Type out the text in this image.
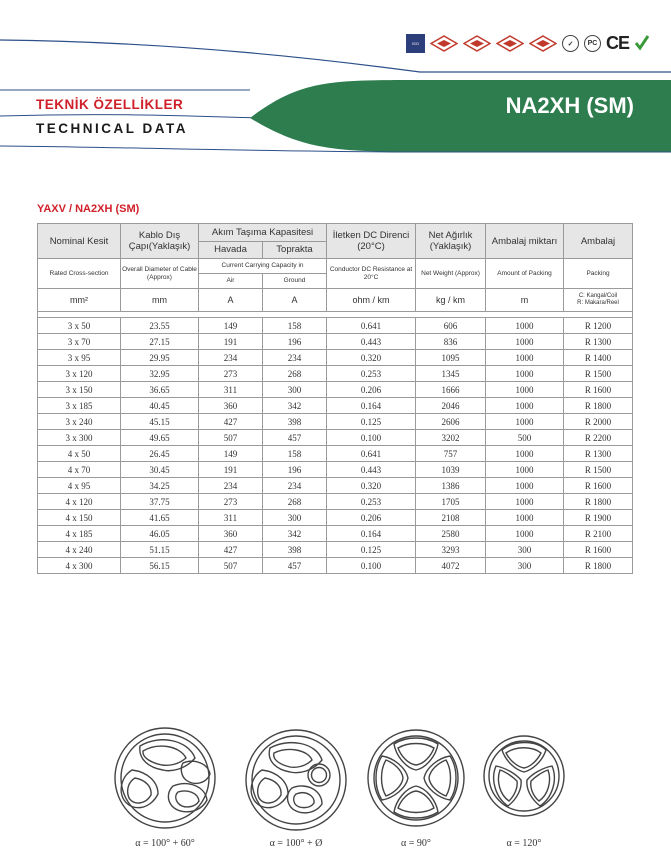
ISO	✓	PC CE
TEKNİK ÖZELLİKLER
TECHNICAL DATA
NA2XH (SM)
YAXV / NA2XH (SM)
Nominal Kesit	Kablo Dış Çapı(Yaklaşık)	Akım Taşıma Kapasitesi		İletken DC Direnci (20°C)	Net Ağırlık (Yaklaşık)	Ambalaj miktarı	Ambalaj
		Havada	Toprakta				
Rated Cross-section	Overall Diameter of Cable (Approx)	Current Carrying Capacity in		Conductor DC Resistance at 20°C	Net Weight (Approx)	Amount of Packing	Packing
		Air	Ground				
mm²	mm	A	A	ohm / km	kg / km	m	C: Kangal/Coil
R: Makara/Reel

3 x 50	23.55	149	158	0.641	606	1000	R 1200
3 x 70	27.15	191	196	0.443	836	1000	R 1300
3 x 95	29.95	234	234	0.320	1095	1000	R 1400
3 x 120	32.95	273	268	0.253	1345	1000	R 1500
3 x 150	36.65	311	300	0.206	1666	1000	R 1600
3 x 185	40.45	360	342	0.164	2046	1000	R 1800
3 x 240	45.15	427	398	0.125	2606	1000	R 2000
3 x 300	49.65	507	457	0.100	3202	500	R 2200
4 x 50	26.45	149	158	0.641	757	1000	R 1300
4 x 70	30.45	191	196	0.443	1039	1000	R 1500
4 x 95	34.25	234	234	0.320	1386	1000	R 1600
4 x 120	37.75	273	268	0.253	1705	1000	R 1800
4 x 150	41.65	311	300	0.206	2108	1000	R 1900
4 x 185	46.05	360	342	0.164	2580	1000	R 2100
4 x 240	51.15	427	398	0.125	3293	300	R 1600
4 x 300	56.15	507	457	0.100	4072	300	R 1800
α = 100° + 60°	α = 100° + Ø	α = 90°	α = 120°
